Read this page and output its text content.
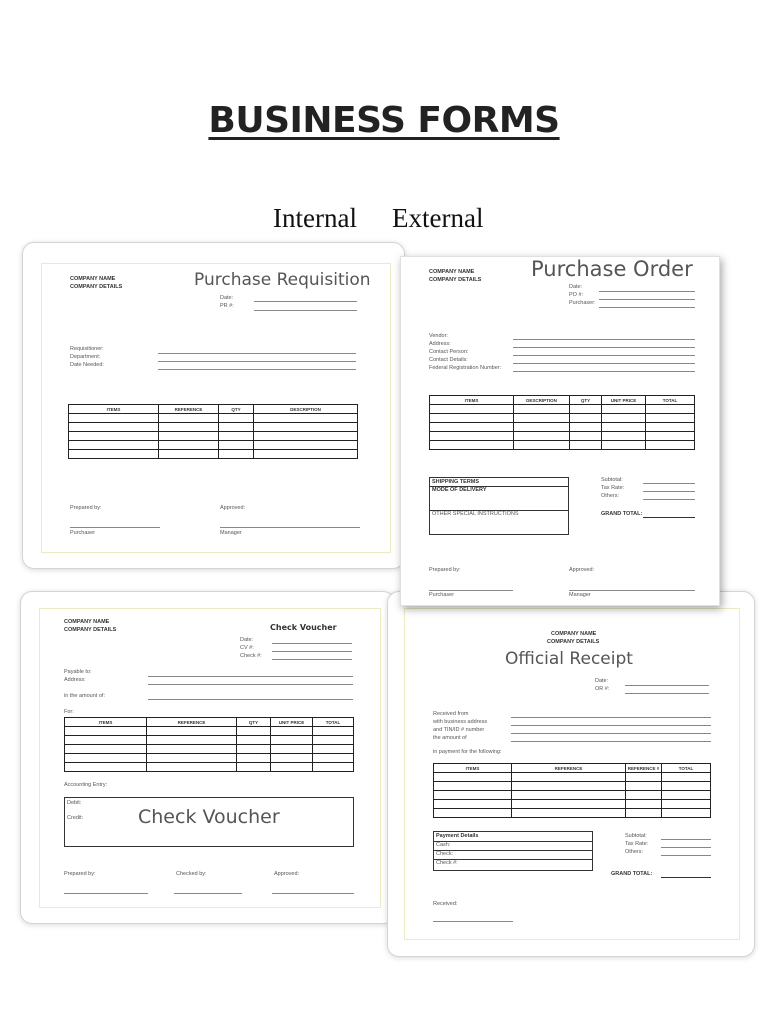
BUSINESS FORMS
Internal External
COMPANY NAME
COMPANY DETAILS	Purchase Requisition
Date:
PR #:
Requisitioner:
Department:
Date Needed:
ITEMS	REFERENCE	QTY	DESCRIPTION

Prepared by:	Approved:
Purchaser	Manager
COMPANY NAME
COMPANY DETAILS	Check Voucher
Date:
CV #:
Check #:
Payable to:
Address:
in the amount of:
For:
ITEMS	REFERENCE	QTY	UNIT PRICE	TOTAL

Accounting Entry:
Debit:
Credit:	Check Voucher
Prepared by:	Checked by:	Approved:
COMPANY NAME
COMPANY DETAILS
Official Receipt
Date:
OR #:
Received from
with business address
and TIN/ID # number
the amount of
in payment for the following:
ITEMS	REFERENCE	REFERENCE #	TOTAL

Payment Details
Cash:
Check:
Check #:
Subtotal:
Tax Rate:
Others:
GRAND TOTAL:
Received:
COMPANY NAME
COMPANY DETAILS Purchase Order
Date:
PO #:
Purchaser:
Vendor:
Address:
Contact Person:
Contact Details:
Federal Registration Number:
ITEMS	DESCRIPTION	QTY	UNIT PRICE	TOTAL

SHIPPING TERMS
MODE OF DELIVERY
OTHER SPECIAL INSTRUCTIONS
Subtotal:
Tax Rate:
Others:
GRAND TOTAL:
Prepared by:	Approved:
Purchaser	Manager
